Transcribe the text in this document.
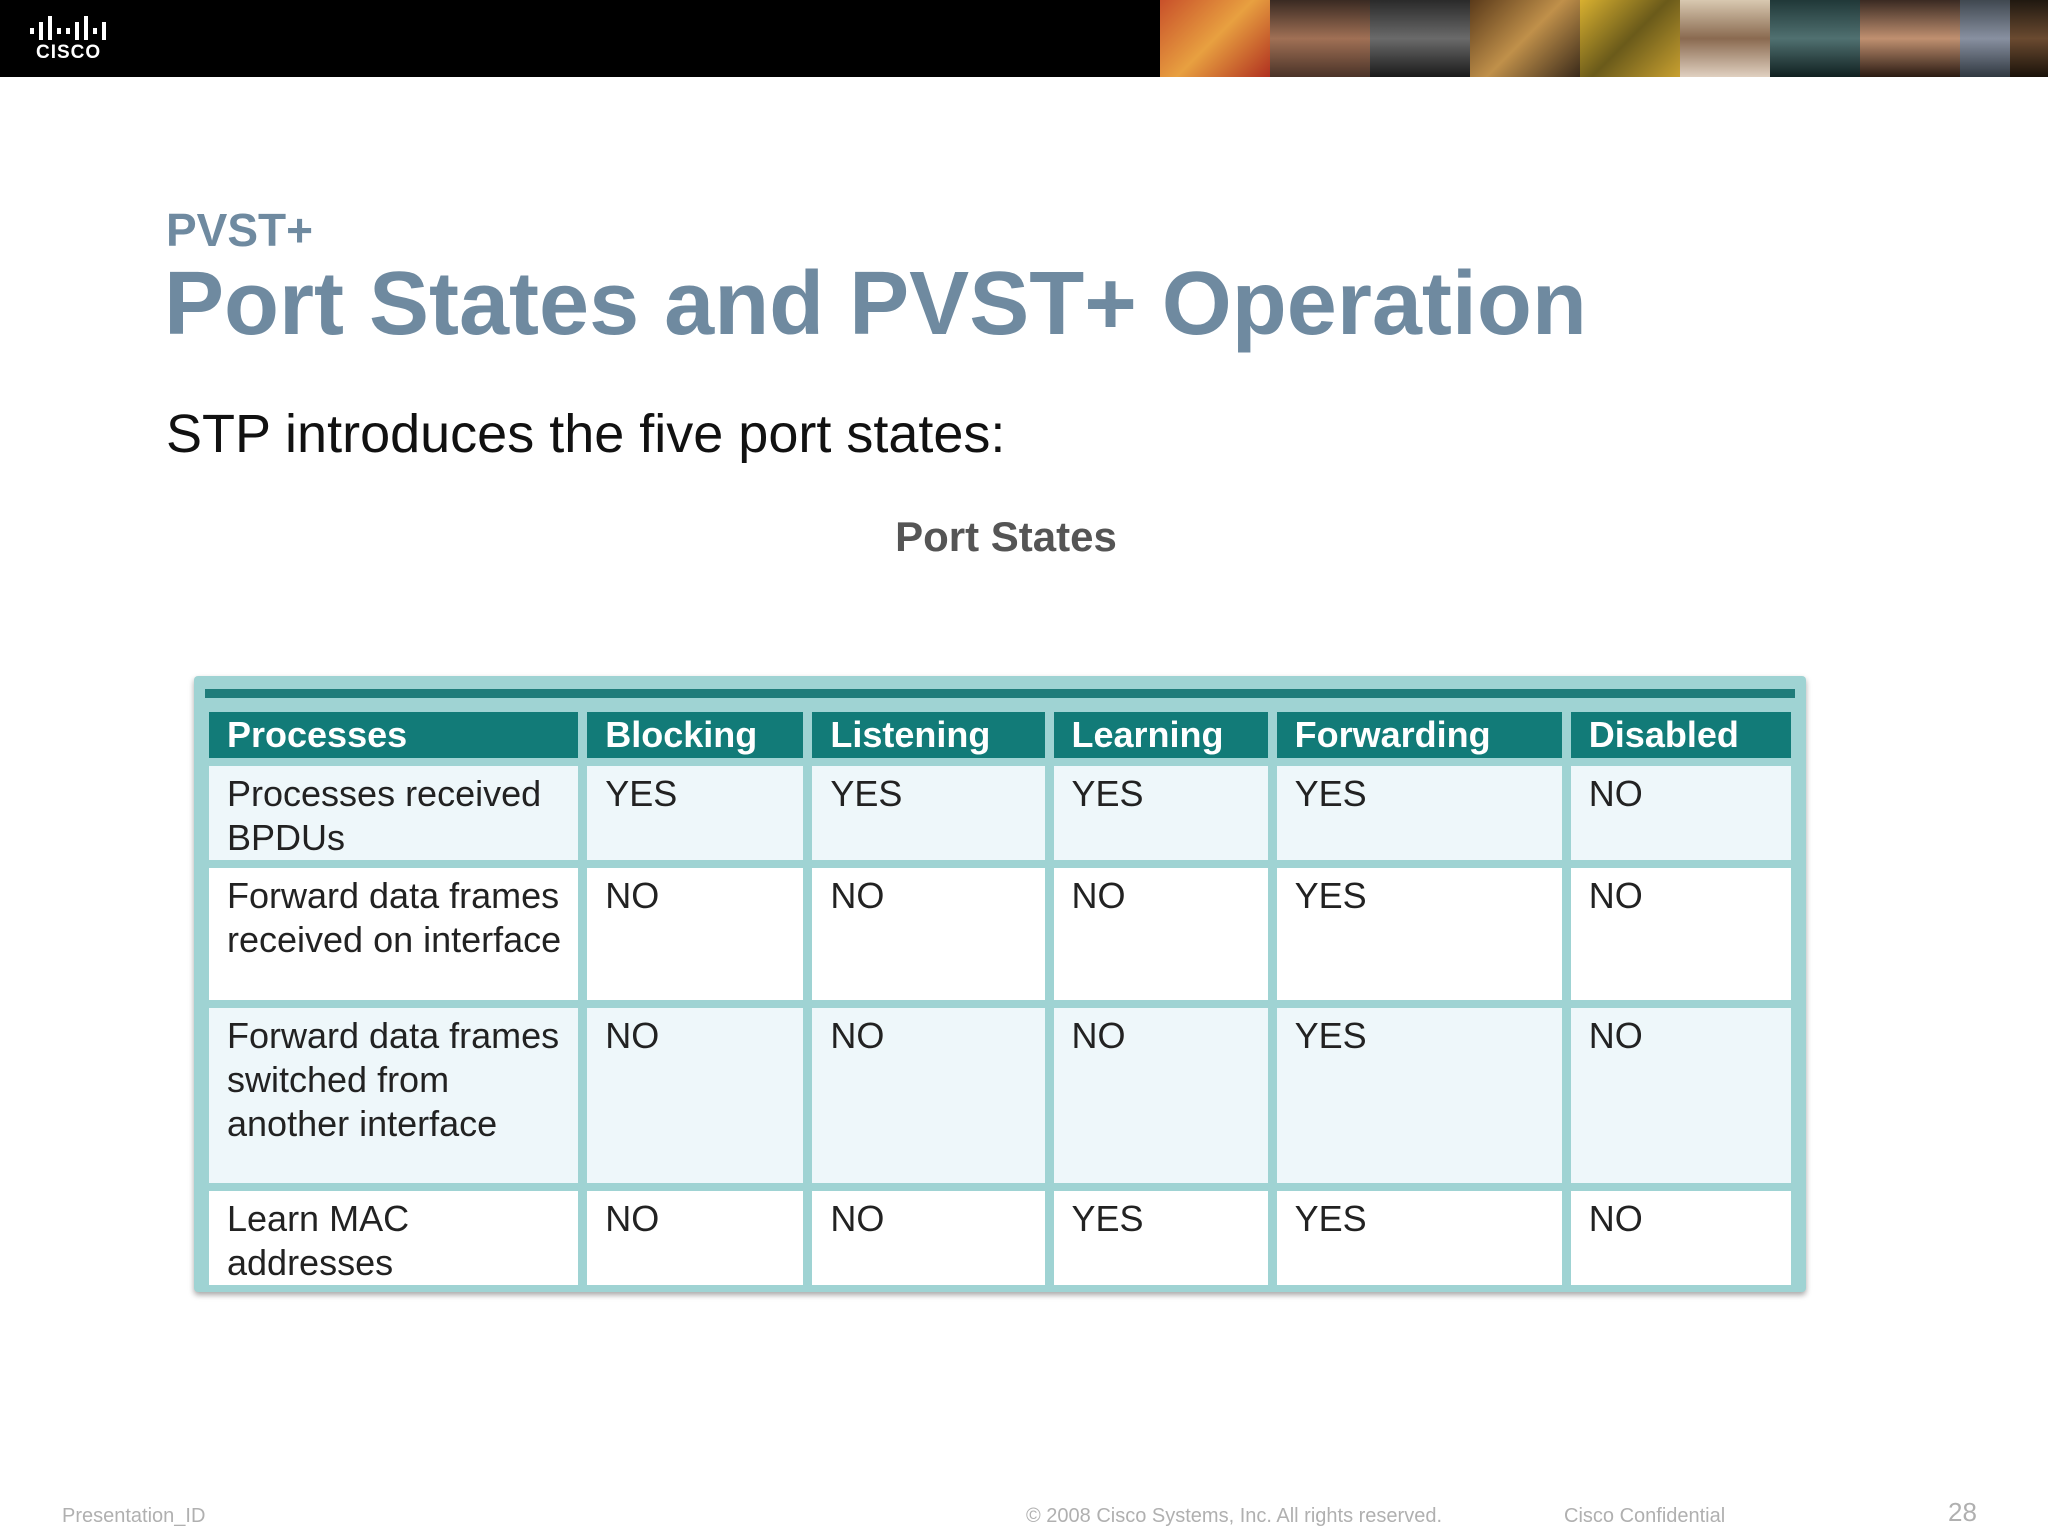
CISCO
PVST+
Port States and PVST+ Operation
STP introduces the five port states:
Port States
Processes	Blocking	Listening	Learning	Forwarding	Disabled
Processes received BPDUs	YES	YES	YES	YES	NO
Forward data frames received on interface	NO	NO	NO	YES	NO
Forward data frames switched from another interface	NO	NO	NO	YES	NO
Learn MAC addresses	NO	NO	YES	YES	NO
Presentation_ID	© 2008 Cisco Systems, Inc. All rights reserved.	Cisco Confidential	28
